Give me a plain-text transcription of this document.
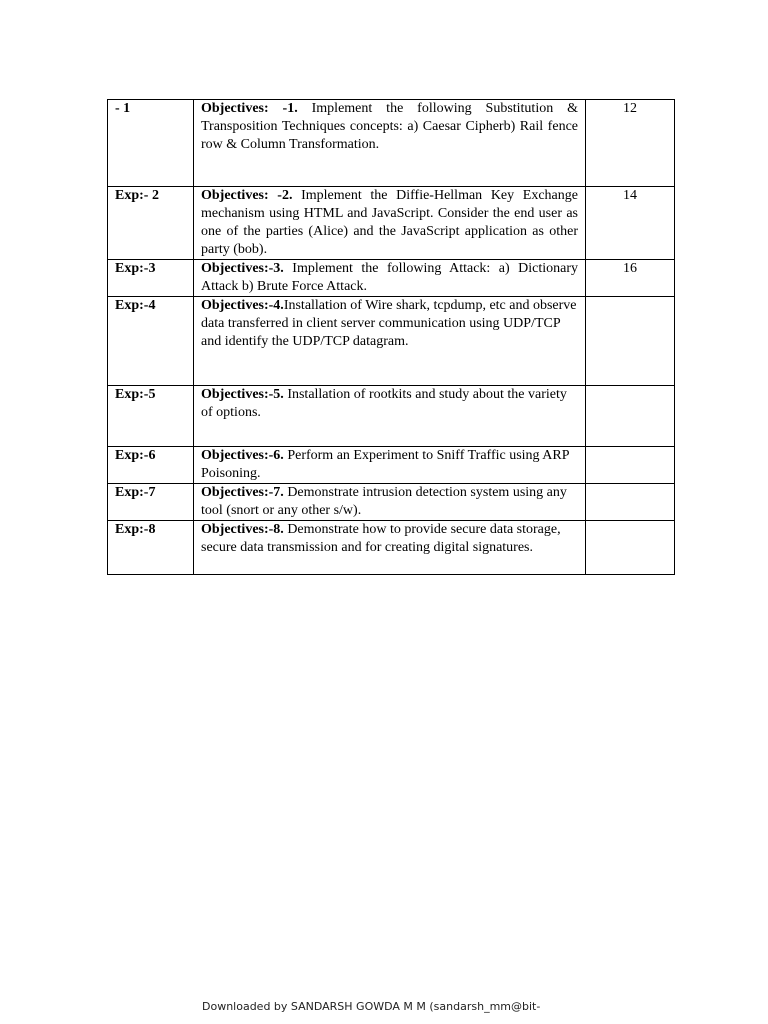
- 1	Objectives: -1. Implement the following Substitution & Transposition Techniques concepts: a) Caesar Cipherb) Rail fence row & Column Transformation.	12
Exp:- 2	Objectives: -2. Implement the Diffie-Hellman Key Exchange mechanism using HTML and JavaScript. Consider the end user as one of the parties (Alice) and the JavaScript application as other party (bob).	14
Exp:-3	Objectives:-3. Implement the following Attack: a) Dictionary Attack b) Brute Force Attack.	16
Exp:-4	Objectives:-4.Installation of Wire shark, tcpdump, etc and observe data transferred in client server communication using UDP/TCP and identify the UDP/TCP datagram.	
Exp:-5	Objectives:-5. Installation of rootkits and study about the variety of options.	
Exp:-6	Objectives:-6. Perform an Experiment to Sniff Traffic using ARP Poisoning.	
Exp:-7	Objectives:-7. Demonstrate intrusion detection system using any tool (snort or any other s/w).	
Exp:-8	Objectives:-8. Demonstrate how to provide secure data storage, secure data transmission and for creating digital signatures.	
Downloaded by SANDARSH GOWDA M M (sandarsh_mm@bit-
